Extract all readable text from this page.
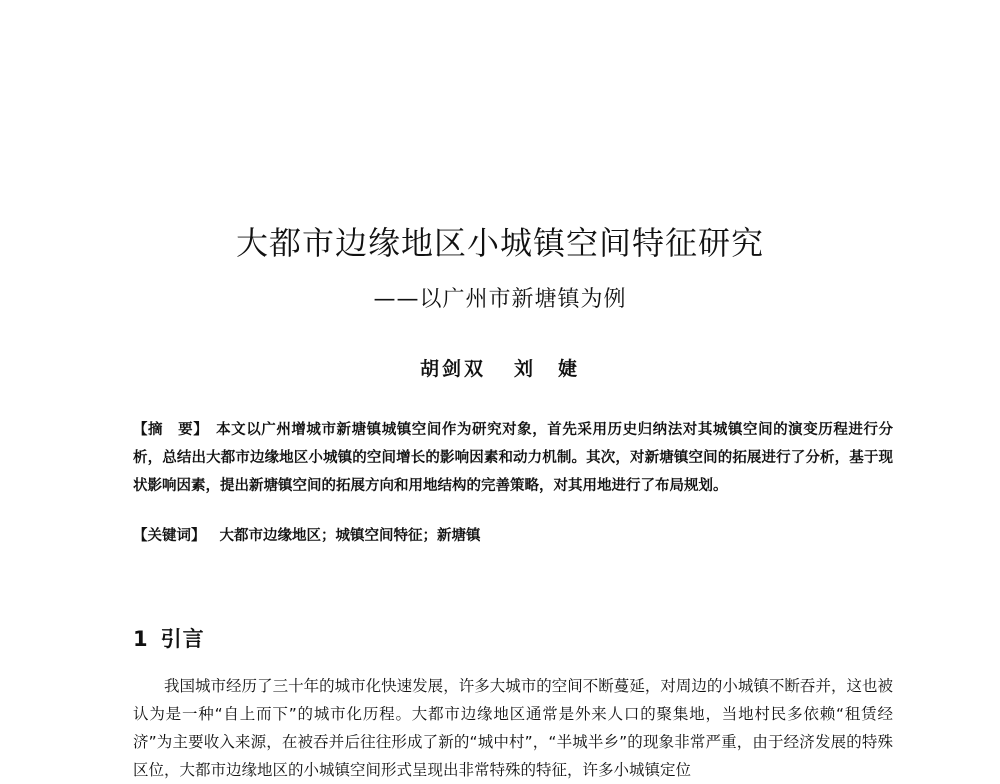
大都市边缘地区小城镇空间特征研究
——以广州市新塘镇为例
胡剑双 刘　婕
【摘　要】　 本文以广州增城市新塘镇城镇空间作为研究对象，首先采用历史归纳法对其城镇空间的演变历程进行分析，总结出大都市边缘地区小城镇的空间增长的影响因素和动力机制。其次，对新塘镇空间的拓展进行了分析，基于现状影响因素，提出新塘镇空间的拓展方向和用地结构的完善策略，对其用地进行了布局规划。
【关键词】 大都市边缘地区 ； 城镇空间特征 ； 新塘镇
1 引言

我国城市经历了三十年的城市化快速发展，许多大城市的空间不断蔓延，对周边的小城镇不断吞并，这也被认为是一种“自上而下”的城市化历程。大都市边缘地区通常是外来人口的聚集地，当地村民多依赖“租赁经济”为主要收入来源，在被吞并后往往形成了新的“城中村”，“半城半乡”的现象非常严重，由于经济发展的特殊区位，大都市边缘地区的小城镇空间形式呈现出非常特殊的特征，许多小城镇定位
